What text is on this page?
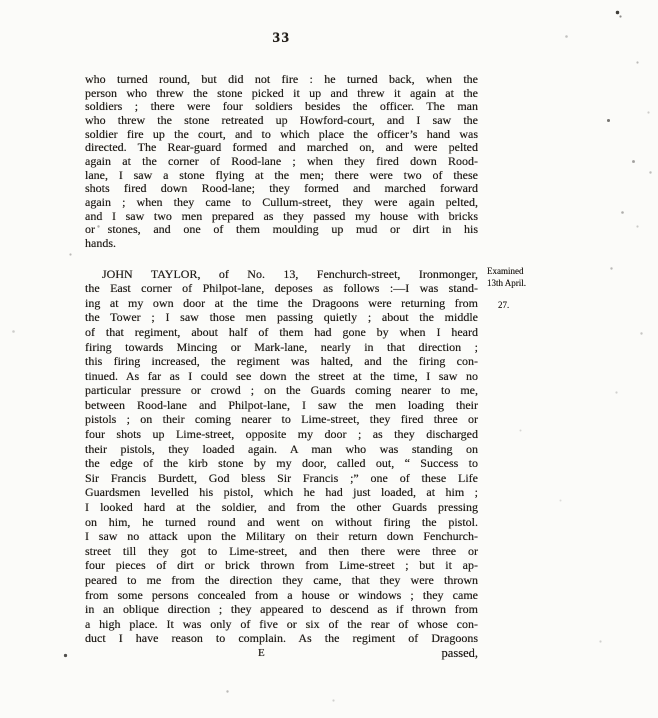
33
who turned round, but did not fire : he turned back, when the
person who threw the stone picked it up and threw it again at the
soldiers ; there were four soldiers besides the officer. The man
who threw the stone retreated up Howford-court, and I saw the
soldier fire up the court, and to which place the officer’s hand was
directed. The Rear-guard formed and marched on, and were pelted
again at the corner of Rood-lane ; when they fired down Rood-
lane, I saw a stone flying at the men; there were two of these
shots fired down Rood-lane; they formed and marched forward
again ; when they came to Cullum-street, they were again pelted,
and I saw two men prepared as they passed my house with bricks
or stones, and one of them moulding up mud or dirt in his
hands.
JOHN TAYLOR, of No. 13, Fenchurch-street, Ironmonger,
the East corner of Philpot-lane, deposes as follows :—I was stand-
ing at my own door at the time the Dragoons were returning from
the Tower ; I saw those men passing quietly ; about the middle
of that regiment, about half of them had gone by when I heard
firing towards Mincing or Mark-lane, nearly in that direction ;
this firing increased, the regiment was halted, and the firing con-
tinued. As far as I could see down the street at the time, I saw no
particular pressure or crowd ; on the Guards coming nearer to me,
between Rood-lane and Philpot-lane, I saw the men loading their
pistols ; on their coming nearer to Lime-street, they fired three or
four shots up Lime-street, opposite my door ; as they discharged
their pistols, they loaded again. A man who was standing on
the edge of the kirb stone by my door, called out, “ Success to
Sir Francis Burdett, God bless Sir Francis ;” one of these Life
Guardsmen levelled his pistol, which he had just loaded, at him ;
I looked hard at the soldier, and from the other Guards pressing
on him, he turned round and went on without firing the pistol.
I saw no attack upon the Military on their return down Fenchurch-
street till they got to Lime-street, and then there were three or
four pieces of dirt or brick thrown from Lime-street ; but it ap-
peared to me from the direction they came, that they were thrown
from some persons concealed from a house or windows ; they came
in an oblique direction ; they appeared to descend as if thrown from
a high place. It was only of five or six of the rear of whose con-
duct I have reason to complain. As the regiment of Dragoons
Examined
13th April.
27.
E	passed,
